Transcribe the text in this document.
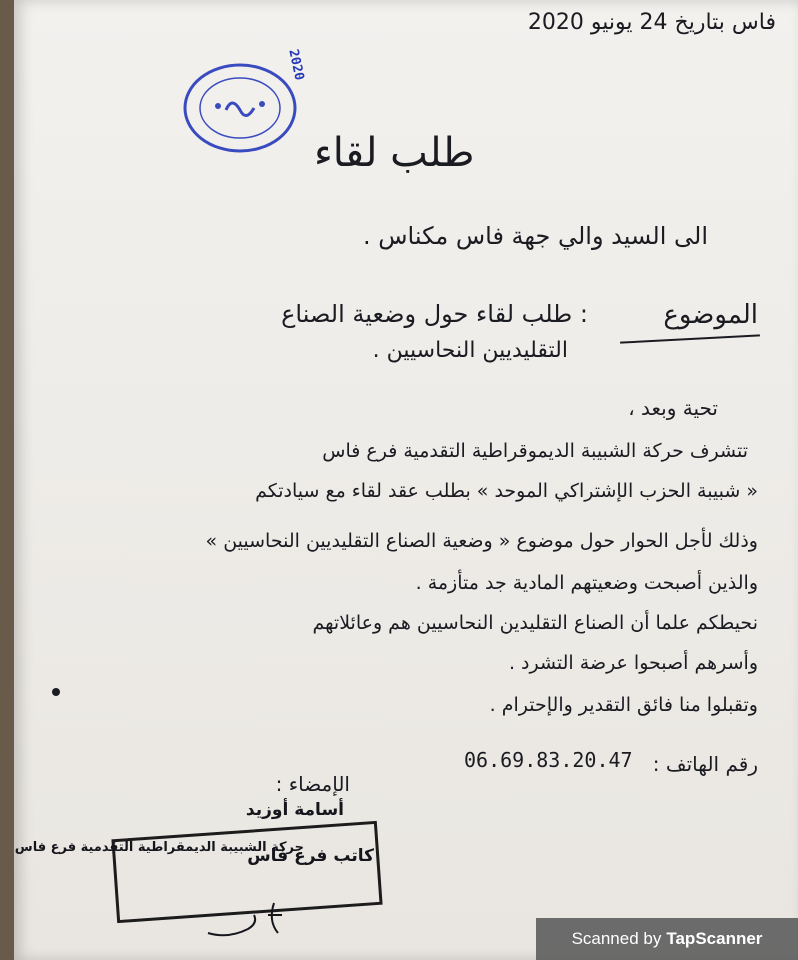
فاس بتاريخ 24 يونيو 2020
2020
طلب لقاء
الى السيد والي جهة فاس مكناس .
الموضوع
: طلب لقاء حول وضعية الصناع
التقليديين النحاسيين .
تحية وبعد ،
تتشرف حركة الشبيبة الديموقراطية التقدمية فرع فاس
« شبيبة الحزب الإشتراكي الموحد » بطلب عقد لقاء مع سيادتكم
وذلك لأجل الحوار حول موضوع « وضعية الصناع التقليديين النحاسيين »
والذين أصبحت وضعيتهم المادية جد متأزمة .
نحيطكم علما أن الصناع التقليدين النحاسيين هم وعائلاتهم
وأسرهم أصبحوا عرضة التشرد .
وتقبلوا منا فائق التقدير والإحترام .
رقم الهاتف :
06.69.83.20.47
الإمضاء :
أسامة أوزيد
حركة الشبيبة الديمقراطية التقدمية فرع فاس
كاتب فرع فاس
Scanned by TapScanner
